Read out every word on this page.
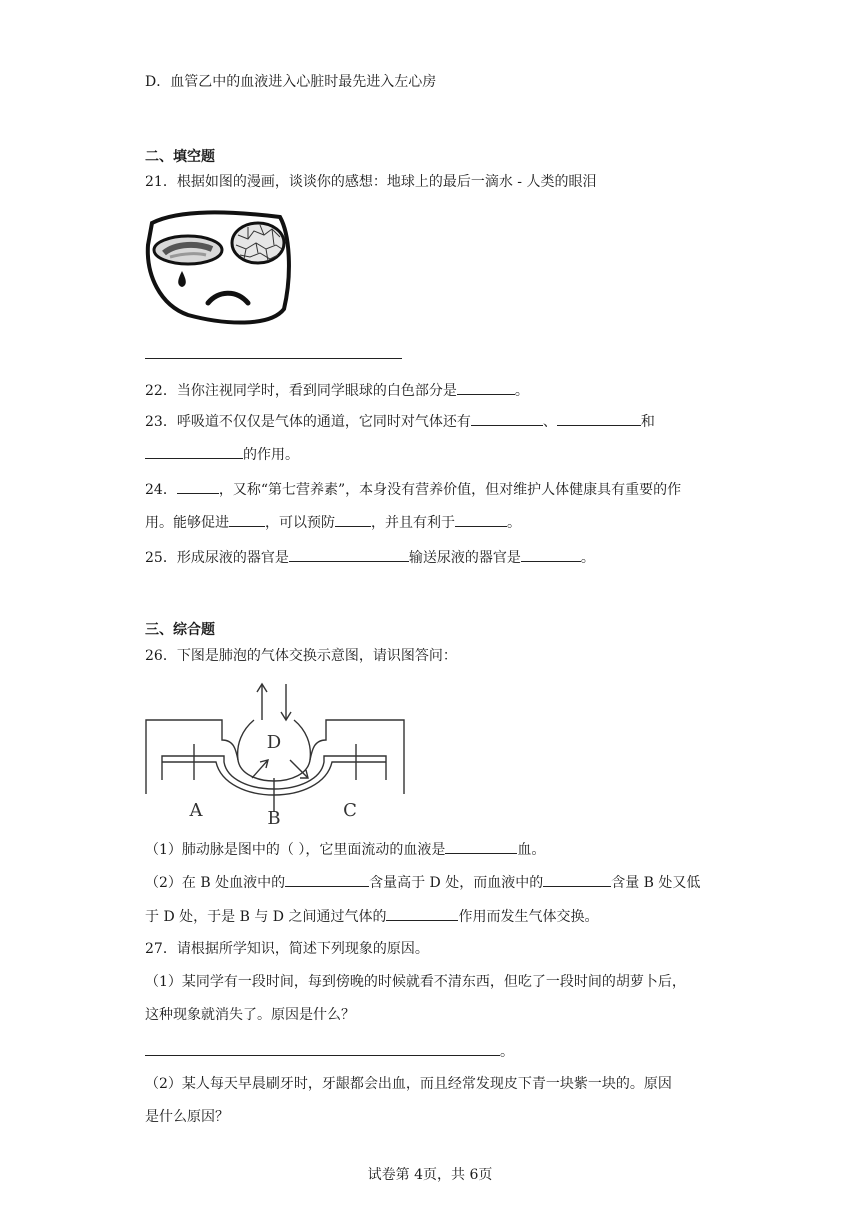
D．血管乙中的血液进入心脏时最先进入左心房
二、填空题
21．根据如图的漫画，谈谈你的感想：地球上的最后一滴水 - 人类的眼泪
22．当你注视同学时，看到同学眼球的白色部分是	。
23．呼吸道不仅仅是气体的通道，它同时对气体还有	、	和
的作用。
24．	，又称“第七营养素”，本身没有营养价值，但对维护人体健康具有重要的作
用。能够促进	，可以预防	，并且有利于	。
25．形成尿液的器官是	输送尿液的器官是	。
三、综合题
26．下图是肺泡的气体交换示意图，请识图答问：
D
A	B	C
（1）肺动脉是图中的（ ），它里面流动的血液是	血。
（2）在 B 处血液中的	含量高于 D 处，而血液中的	含量 B 处又低
于 D 处，于是 B 与 D 之间通过气体的	作用而发生气体交换。
27．请根据所学知识，简述下列现象的原因。
（1）某同学有一段时间，每到傍晚的时候就看不清东西，但吃了一段时间的胡萝卜后，
这种现象就消失了。原因是什么？
。
（2）某人每天早晨刷牙时，牙龈都会出血，而且经常发现皮下青一块紫一块的。原因
是什么原因？
试卷第 4页，共 6页
